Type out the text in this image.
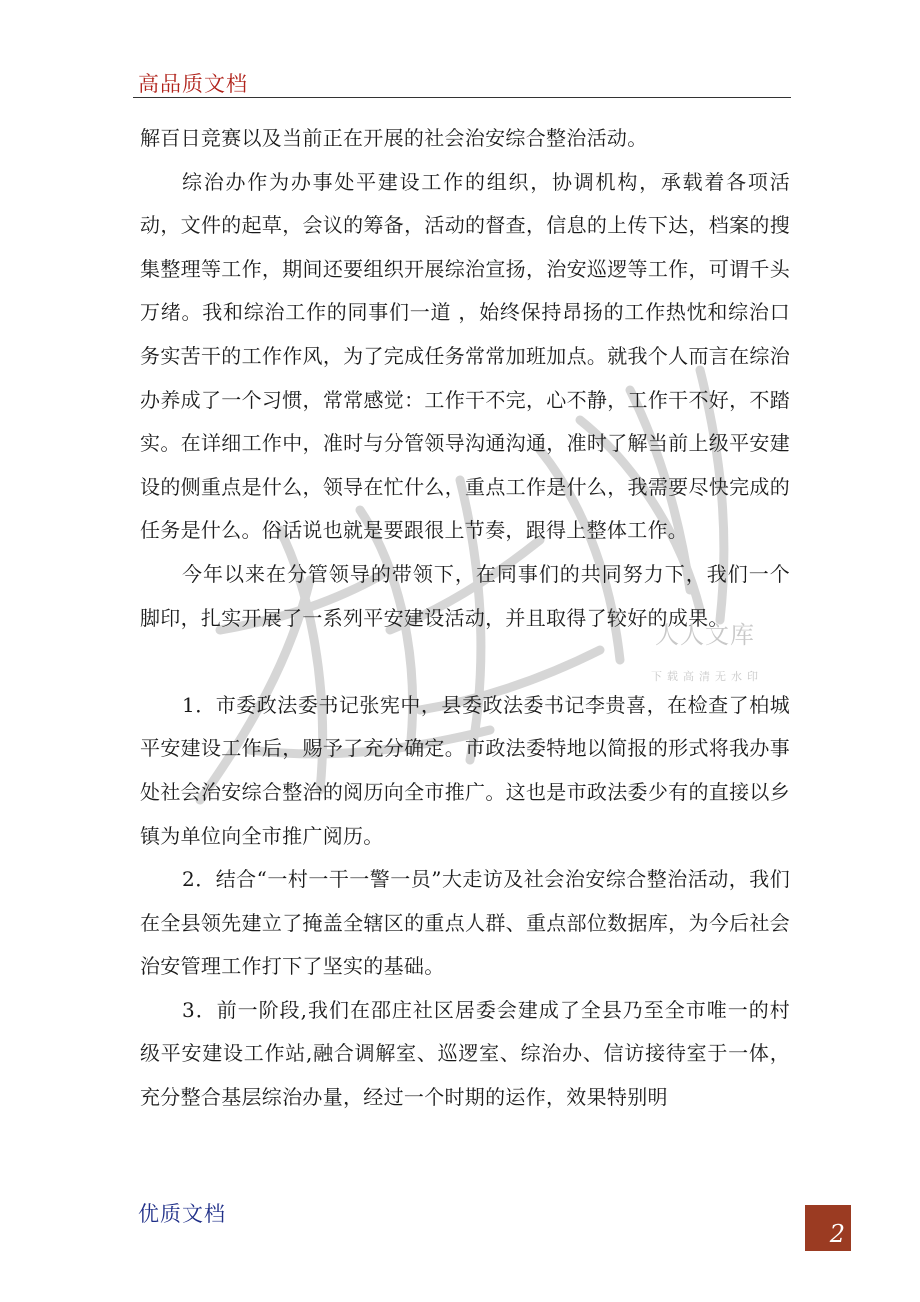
高品质文档

解百日竞赛以及当前正在开展的社会治安综合整治活动。

综治办作为办事处平建设工作的组织，协调机构，承载着各项活动，文件的起草，会议的筹备，活动的督查，信息的上传下达，档案的搜集整理等工作，期间还要组织开展综治宣扬，治安巡逻等工作，可谓千头万绪。我和综治工作的同事们一道 ，始终保持昂扬的工作热忱和综治口务实苦干的工作作风，为了完成任务常常加班加点。就我个人而言在综治办养成了一个习惯，常常感觉：工作干不完，心不静，工作干不好，不踏实。在详细工作中，准时与分管领导沟通沟通，准时了解当前上级平安建设的侧重点是什么，领导在忙什么，重点工作是什么，我需要尽快完成的任务是什么。俗话说也就是要跟很上节奏，跟得上整体工作。

今年以来在分管领导的带领下，在同事们的共同努力下，我们一个脚印，扎实开展了一系列平安建设活动，并且取得了较好的成果。

1．市委政法委书记张宪中，县委政法委书记李贵喜，在检查了柏城平安建设工作后，赐予了充分确定。市政法委特地以简报的形式将我办事处社会治安综合整治的阅历向全市推广。这也是市政法委少有的直接以乡镇为单位向全市推广阅历。

2．结合“一村一干一警一员”大走访及社会治安综合整治活动，我们在全县领先建立了掩盖全辖区的重点人群、重点部位数据库，为今后社会治安管理工作打下了坚实的基础。

3．前一阶段,我们在邵庄社区居委会建成了全县乃至全市唯一的村级平安建设工作站,融合调解室、巡逻室、综治办、信访接待室于一体，充分整合基层综治办量，经过一个时期的运作，效果特别明

人人文库
下载高清无水印
优质文档
2
